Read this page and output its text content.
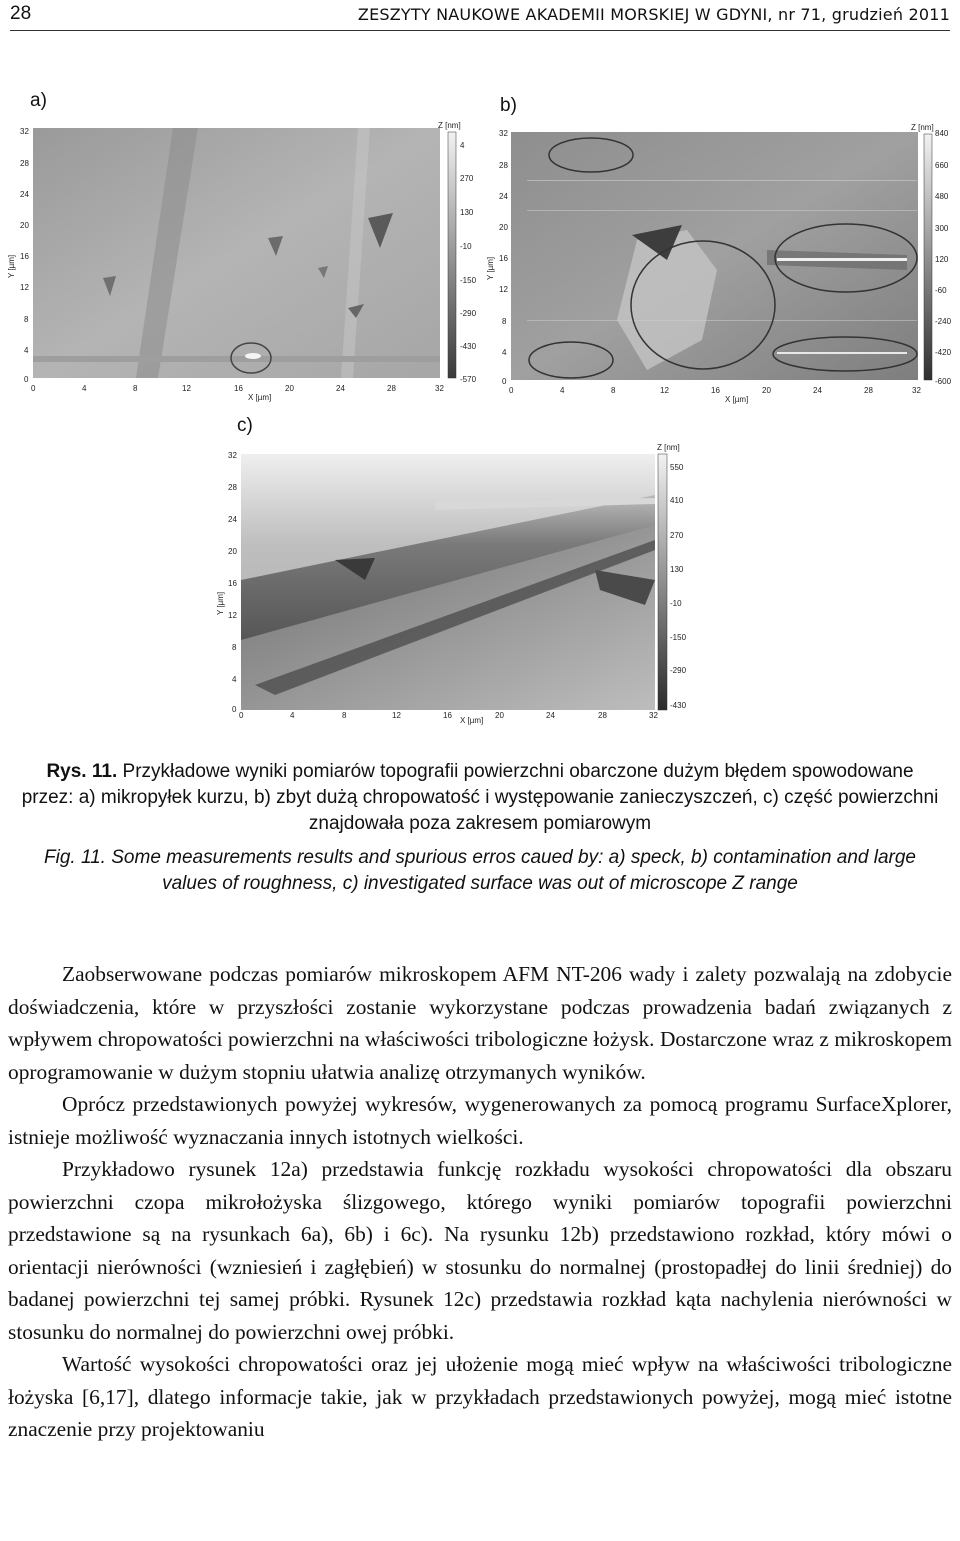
28	ZESZYTY NAUKOWE AKADEMII MORSKIEJ W GDYNI, nr 71, grudzień 2011
a)	b)
c)
Z [nm]
4
270
130
-10
-150
-290
-430
-570
32
28
24
20
16
12
8
4
0
Y [µm]
0	4	8	12	16	20	24	28	32
X [µm]
Z [nm]
840
660
480
300
120
-60
-240
-420
-600
32
28
24
20
16
12
8
4
0
Y [µm]
0	4	8	12	16	20	24	28	32
X [µm]
Z [nm]
550
410
270
130
-10
-150
-290
-430
32
28
24
20
16
12
8
4
0
Y [µm]
0	4	8	12	16	20	24	28	32
X [µm]
Rys. 11. Przykładowe wyniki pomiarów topografii powierzchni obarczone dużym błędem spowodowane przez: a) mikropyłek kurzu, b) zbyt dużą chropowatość i występowanie zanieczyszczeń, c) część powierzchni znajdowała poza zakresem pomiarowym
Fig. 11. Some measurements results and spurious erros caued by: a) speck, b) contamination and large values of roughness, c) investigated surface was out of microscope Z range

Zaobserwowane podczas pomiarów mikroskopem AFM NT-206 wady i zalety pozwalają na zdobycie doświadczenia, które w przyszłości zostanie wykorzystane podczas prowadzenia badań związanych z wpływem chropowatości powierzchni na właściwości tribologiczne łożysk. Dostarczone wraz z mikroskopem oprogramowanie w dużym stopniu ułatwia analizę otrzymanych wyników.

Oprócz przedstawionych powyżej wykresów, wygenerowanych za pomocą programu SurfaceXplorer, istnieje możliwość wyznaczania innych istotnych wielkości.

Przykładowo rysunek 12a) przedstawia funkcję rozkładu wysokości chropowatości dla obszaru powierzchni czopa mikrołożyska ślizgowego, którego wyniki pomiarów topografii powierzchni przedstawione są na rysunkach 6a), 6b) i 6c). Na rysunku 12b) przedstawiono rozkład, który mówi o orientacji nierówności (wzniesień i zagłębień) w stosunku do normalnej (prostopadłej do linii średniej) do badanej powierzchni tej samej próbki. Rysunek 12c) przedstawia rozkład kąta nachylenia nierówności w stosunku do normalnej do powierzchni owej próbki.

Wartość wysokości chropowatości oraz jej ułożenie mogą mieć wpływ na właściwości tribologiczne łożyska [6,17], dlatego informacje takie, jak w przykładach przedstawionych powyżej, mogą mieć istotne znaczenie przy projektowaniu
